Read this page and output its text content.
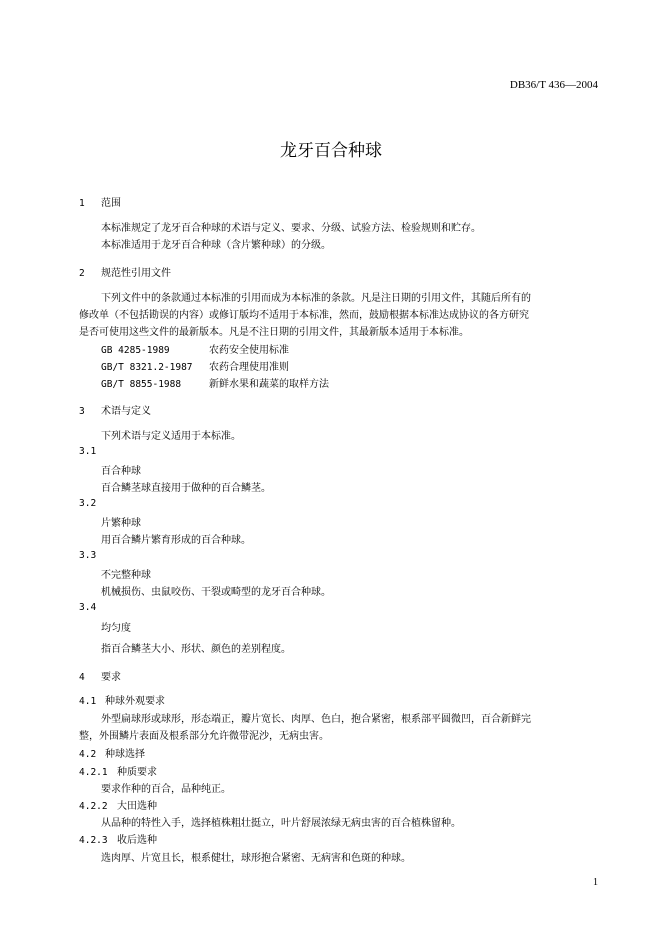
DB36/T 436—2004
龙牙百合种球
1 范围
本标准规定了龙牙百合种球的术语与定义、要求、分级、试验方法、检验规则和贮存。
本标准适用于龙牙百合种球（含片繁种球）的分级。
2 规范性引用文件
下列文件中的条款通过本标准的引用而成为本标准的条款。凡是注日期的引用文件，其随后所有的
修改单（不包括勘误的内容）或修订版均不适用于本标准，然而，鼓励根据本标准达成协议的各方研究
是否可使用这些文件的最新版本。凡是不注日期的引用文件，其最新版本适用于本标准。
GB 4285-1989	农药安全使用标准
GB/T 8321.2-1987 农药合理使用准则
GB/T 8855-1988	新鲜水果和蔬菜的取样方法
3 术语与定义
下列术语与定义适用于本标准。
3.1
百合种球
百合鳞茎球直接用于做种的百合鳞茎。
3.2
片繁种球
用百合鳞片繁育形成的百合种球。
3.3
不完整种球
机械损伤、虫鼠咬伤、干裂或畸型的龙牙百合种球。
3.4
均匀度
指百合鳞茎大小、形状、颜色的差别程度。
4 要求
4.1 种球外观要求
外型扁球形或球形，形态端正，瓣片宽长、肉厚、色白，抱合紧密，根系部平圆微凹，百合新鲜完
整，外围鳞片表面及根系部分允许微带泥沙，无病虫害。
4.2 种球选择
4.2.1 种质要求
要求作种的百合，品种纯正。
4.2.2 大田选种
从品种的特性入手，选择植株粗壮挺立，叶片舒展浓绿无病虫害的百合植株留种。
4.2.3 收后选种
选肉厚、片宽且长，根系健壮，球形抱合紧密、无病害和色斑的种球。
1
